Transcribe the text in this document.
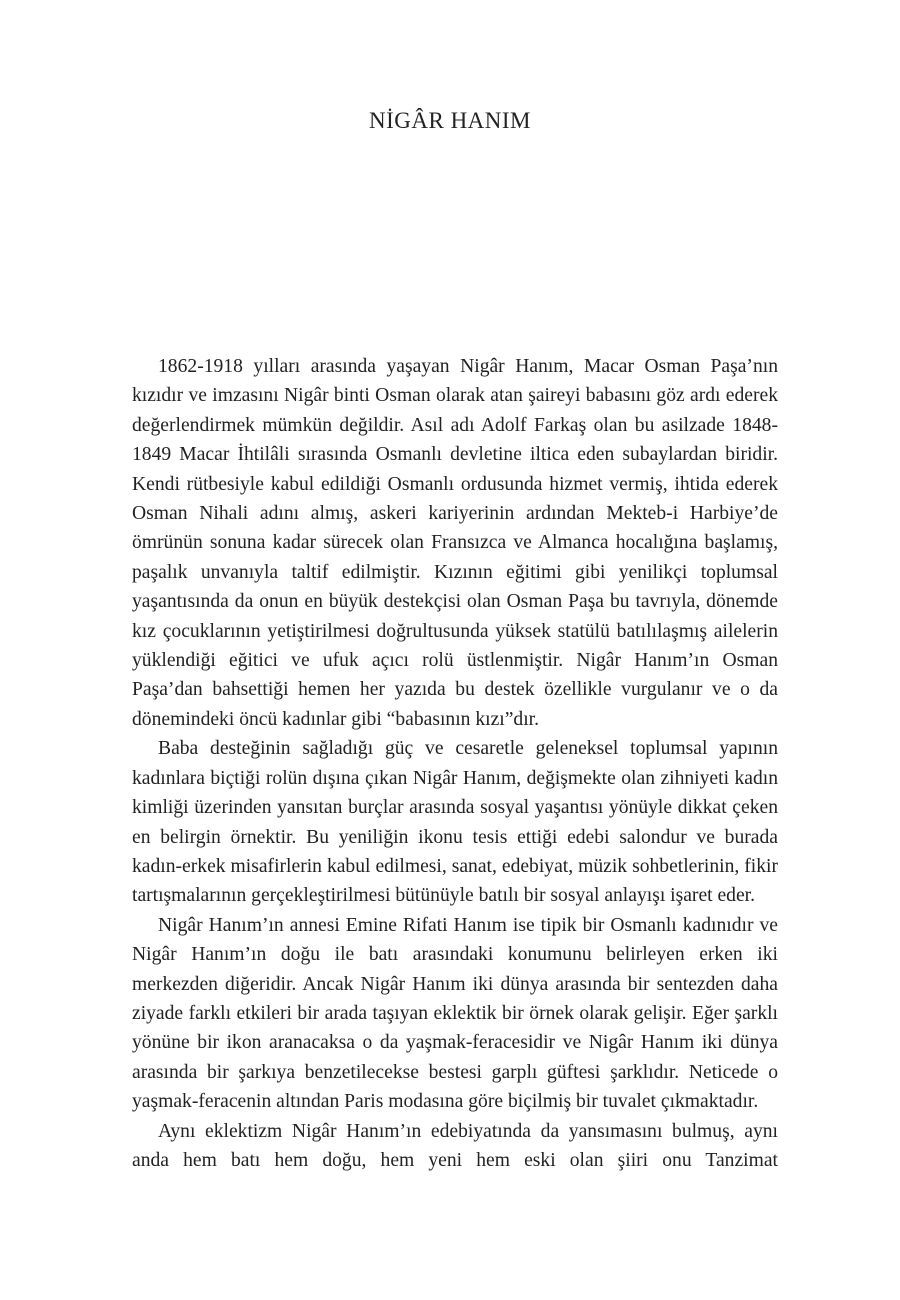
NİGÂR HANIM

1862-1918 yılları arasında yaşayan Nigâr Hanım, Macar Osman Paşa’nın kızıdır ve imzasını Nigâr binti Osman olarak atan şaireyi babasını göz ardı ederek değerlendirmek mümkün değildir. Asıl adı Adolf Farkaş olan bu asilzade 1848-1849 Macar İhtilâli sırasında Osmanlı devletine iltica eden subaylardan biridir. Kendi rütbesiyle kabul edildiği Osmanlı ordusunda hizmet vermiş, ihtida ederek Osman Nihali adını almış, askeri kariyerinin ardından Mekteb-i Harbiye’de ömrünün sonuna kadar sürecek olan Fransızca ve Almanca hocalığına başlamış, paşalık unvanıyla taltif edilmiştir. Kızının eğitimi gibi yenilikçi toplumsal yaşantısında da onun en büyük destekçisi olan Osman Paşa bu tavrıyla, dönemde kız çocuklarının yetiştirilmesi doğrultusunda yüksek statülü batılılaşmış ailelerin yüklendiği eğitici ve ufuk açıcı rolü üstlenmiştir. Nigâr Hanım’ın Osman Paşa’dan bahsettiği hemen her yazıda bu destek özellikle vurgulanır ve o da dönemindeki öncü kadınlar gibi “babasının kızı”dır.

Baba desteğinin sağladığı güç ve cesaretle geleneksel toplumsal yapının kadınlara biçtiği rolün dışına çıkan Nigâr Hanım, değişmekte olan zihniyeti kadın kimliği üzerinden yansıtan burçlar arasında sosyal yaşantısı yönüyle dikkat çeken en belirgin örnektir. Bu yeniliğin ikonu tesis ettiği edebi salondur ve burada kadın-erkek misafirlerin kabul edilmesi, sanat, edebiyat, müzik sohbetlerinin, fikir tartışmalarının gerçekleştirilmesi bütünüyle batılı bir sosyal anlayışı işaret eder.

Nigâr Hanım’ın annesi Emine Rifati Hanım ise tipik bir Osmanlı kadınıdır ve Nigâr Hanım’ın doğu ile batı arasındaki konumunu belirleyen erken iki merkezden diğeridir. Ancak Nigâr Hanım iki dünya arasında bir sentezden daha ziyade farklı etkileri bir arada taşıyan eklektik bir örnek olarak gelişir. Eğer şarklı yönüne bir ikon aranacaksa o da yaşmak-feracesidir ve Nigâr Hanım iki dünya arasında bir şarkıya benzetilecekse bestesi garplı güftesi şarklıdır. Neticede o yaşmak-feracenin altından Paris modasına göre biçilmiş bir tuvalet çıkmaktadır.

Aynı eklektizm Nigâr Hanım’ın edebiyatında da yansımasını bulmuş, aynı anda hem batı hem doğu, hem yeni hem eski olan şiiri onu Tanzimat
